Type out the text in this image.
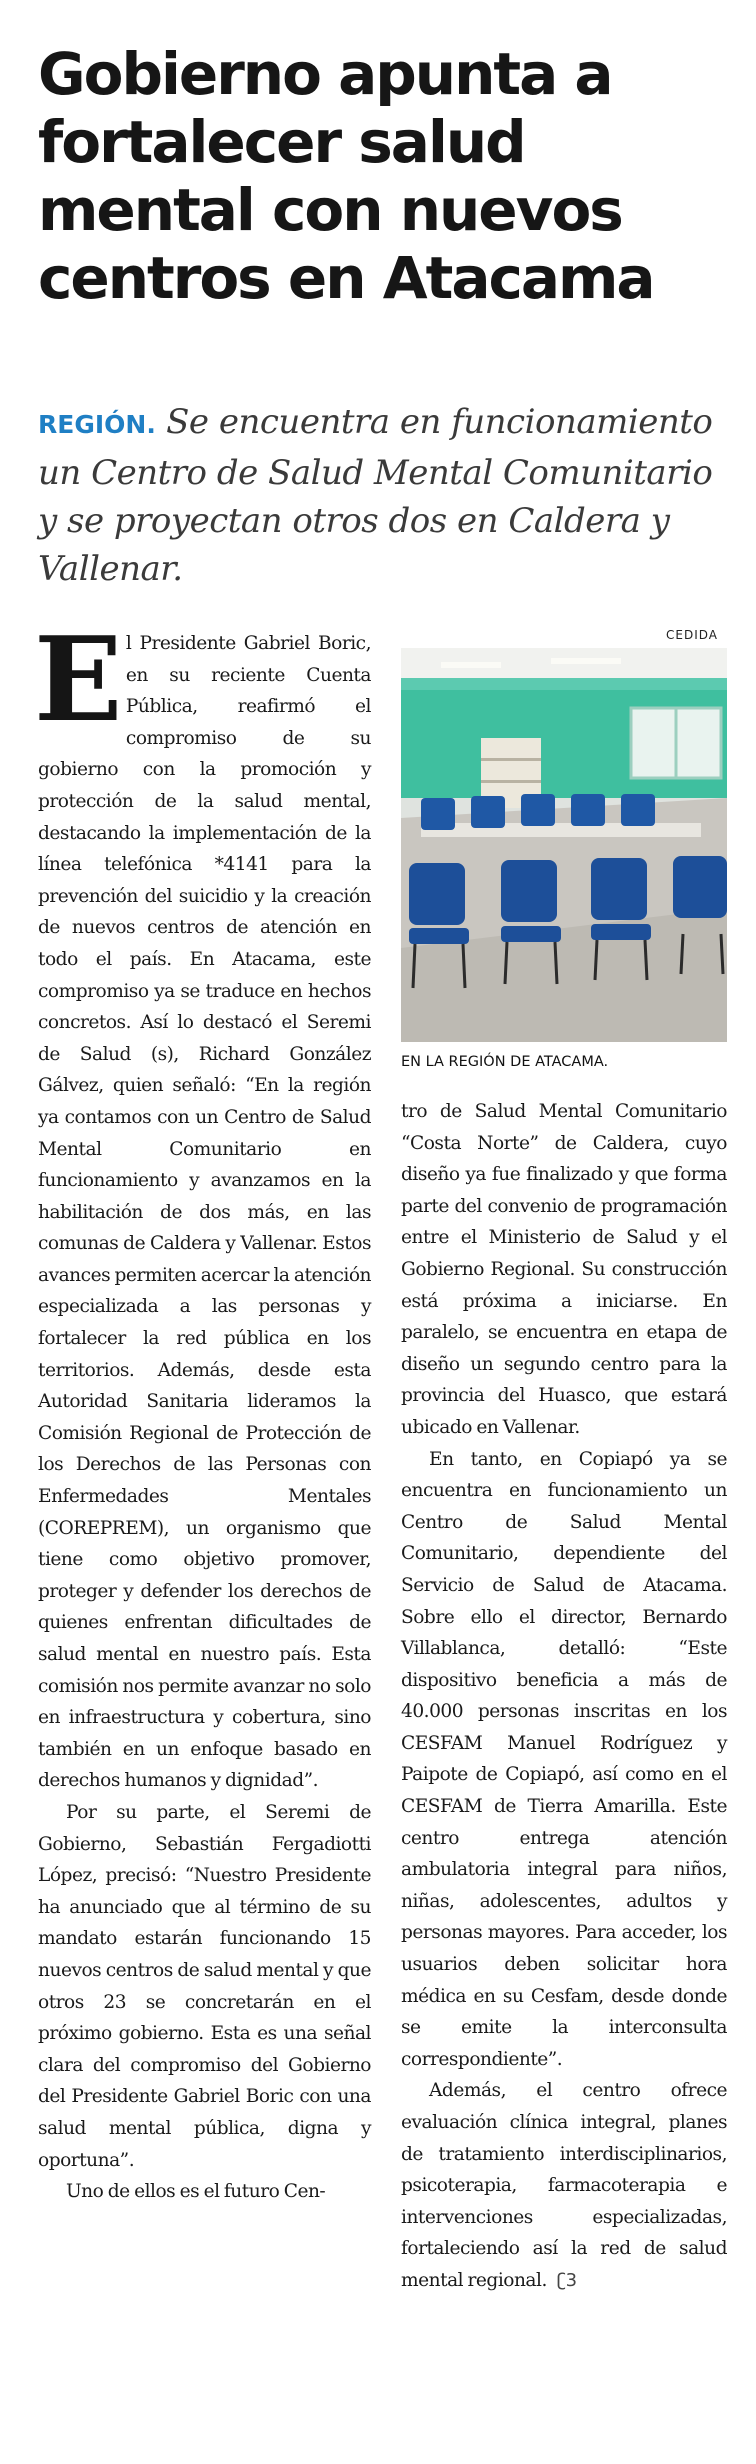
Gobierno apunta a fortalecer salud mental con nuevos centros en Atacama

REGIÓN. Se encuentra en funcionamiento un Centro de Salud Mental Comunitario y se proyectan otros dos en Caldera y Vallenar.

CEDIDA
EN LA REGIÓN DE ATACAMA.

El Presidente Gabriel Boric, en su reciente Cuenta Pública, reafirmó el compromiso de su gobierno con la promoción y protección de la salud mental, destacando la implementación de la línea telefónica *4141 para la prevención del suicidio y la creación de nuevos centros de atención en todo el país. En Atacama, este compromiso ya se traduce en hechos concretos. Así lo destacó el Seremi de Salud (s), Richard González Gálvez, quien señaló: “En la región ya contamos con un Centro de Salud Mental Comunitario en funcionamiento y avanzamos en la habilitación de dos más, en las comunas de Caldera y Vallenar. Estos avances permiten acercar la atención especializada a las personas y fortalecer la red pública en los territorios. Además, desde esta Autoridad Sanitaria lideramos la Comisión Regional de Protección de los Derechos de las Personas con Enfermedades Mentales (COREPREM), un organismo que tiene como objetivo promover, proteger y defender los derechos de quienes enfrentan dificultades de salud mental en nuestro país. Esta comisión nos permite avanzar no solo en infraestructura y cobertura, sino también en un enfoque basado en derechos humanos y dignidad”.

Por su parte, el Seremi de Gobierno, Sebastián Fergadiotti López, precisó: “Nuestro Presidente ha anunciado que al término de su mandato estarán funcionando 15 nuevos centros de salud mental y que otros 23 se concretarán en el próximo gobierno. Esta es una señal clara del compromiso del Gobierno del Presidente Gabriel Boric con una salud mental pública, digna y oportuna”.

Uno de ellos es el futuro Cen-

tro de Salud Mental Comunitario “Costa Norte” de Caldera, cuyo diseño ya fue finalizado y que forma parte del convenio de programación entre el Ministerio de Salud y el Gobierno Regional. Su construcción está próxima a iniciarse. En paralelo, se encuentra en etapa de diseño un segundo centro para la provincia del Huasco, que estará ubicado en Vallenar.

En tanto, en Copiapó ya se encuentra en funcionamiento un Centro de Salud Mental Comunitario, dependiente del Servicio de Salud de Atacama. Sobre ello el director, Bernardo Villablanca, detalló: “Este dispositivo beneficia a más de 40.000 personas inscritas en los CESFAM Manuel Rodríguez y Paipote de Copiapó, así como en el CESFAM de Tierra Amarilla. Este centro entrega atención ambulatoria integral para niños, niñas, adolescentes, adultos y personas mayores. Para acceder, los usuarios deben solicitar hora médica en su Cesfam, desde donde se emite la interconsulta correspondiente”.

Además, el centro ofrece evaluación clínica integral, planes de tratamiento interdisciplinarios, psicoterapia, farmacoterapia e intervenciones especializadas, fortaleciendo así la red de salud mental regional. ʗ3
